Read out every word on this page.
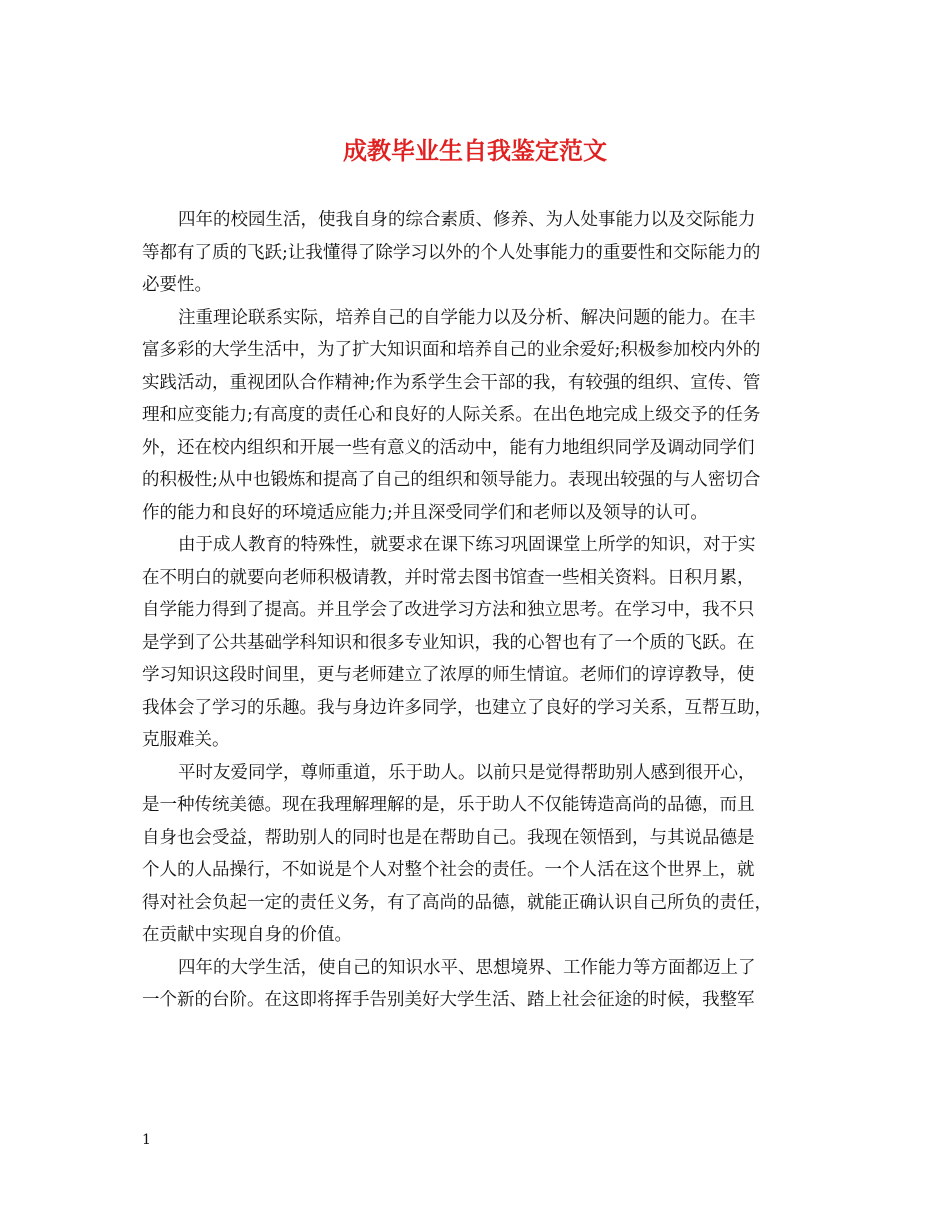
成教毕业生自我鉴定范文

四年的校园生活，使我自身的综合素质、修养、为人处事能力以及交际能力

等都有了质的飞跃;让我懂得了除学习以外的个人处事能力的重要性和交际能力的

必要性。

注重理论联系实际，培养自己的自学能力以及分析、解决问题的能力。在丰

富多彩的大学生活中，为了扩大知识面和培养自己的业余爱好;积极参加校内外的

实践活动，重视团队合作精神;作为系学生会干部的我，有较强的组织、宣传、管

理和应变能力;有高度的责任心和良好的人际关系。在出色地完成上级交予的任务

外，还在校内组织和开展一些有意义的活动中，能有力地组织同学及调动同学们

的积极性;从中也锻炼和提高了自己的组织和领导能力。表现出较强的与人密切合

作的能力和良好的环境适应能力;并且深受同学们和老师以及领导的认可。

由于成人教育的特殊性，就要求在课下练习巩固课堂上所学的知识，对于实

在不明白的就要向老师积极请教，并时常去图书馆查一些相关资料。日积月累，

自学能力得到了提高。并且学会了改进学习方法和独立思考。在学习中，我不只

是学到了公共基础学科知识和很多专业知识，我的心智也有了一个质的飞跃。在

学习知识这段时间里，更与老师建立了浓厚的师生情谊。老师们的谆谆教导，使

我体会了学习的乐趣。我与身边许多同学，也建立了良好的学习关系，互帮互助，

克服难关。

平时友爱同学，尊师重道，乐于助人。以前只是觉得帮助别人感到很开心，

是一种传统美德。现在我理解理解的是，乐于助人不仅能铸造高尚的品德，而且

自身也会受益，帮助别人的同时也是在帮助自己。我现在领悟到，与其说品德是

个人的人品操行，不如说是个人对整个社会的责任。一个人活在这个世界上，就

得对社会负起一定的责任义务，有了高尚的品德，就能正确认识自己所负的责任，

在贡献中实现自身的价值。

四年的大学生活，使自己的知识水平、思想境界、工作能力等方面都迈上了

一个新的台阶。在这即将挥手告别美好大学生活、踏上社会征途的时候，我整军

1
